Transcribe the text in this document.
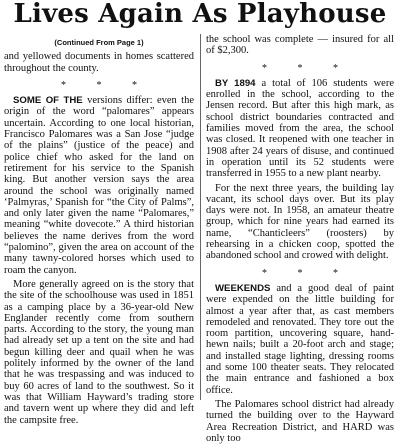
Lives Again As Playhouse
(Continued From Page 1)

and yellowed documents in homes scattered throughout the county.

* * *

SOME OF THE versions differ: even the origin of the word “palomares” appears uncertain. According to one local historian, Francisco Palomares was a San Jose “judge of the plains” (justice of the peace) and police chief who asked for the land on retirement for his service to the Spanish king. But another version says the area around the school was originally named ‘Palmyras,’ Spanish for “the City of Palms”, and only later given the name “Palomares,” meaning “white dovecote.” A third historian believes the name derives from the word “palomino”, given the area on account of the many tawny-colored horses which used to roam the canyon.

More generally agreed on is the story that the site of the schoolhouse was used in 1851 as a camping place by a 36-year-old New Englander recently come from southern parts. According to the story, the young man had already set up a tent on the site and had begun killing deer and quail when he was politely informed by the owner of the land that he was trespassing and was induced to buy 60 acres of land to the southwest. So it was that William Hayward’s trading store and tavern went up where they did and left the campsite free.

the school was complete — insured for all of $2,300.

* * *

BY 1894 a total of 106 students were enrolled in the school, according to the Jensen record. But after this high mark, as school district boundaries contracted and families moved from the area, the school was closed. It reopened with one teacher in 1908 after 24 years of disuse, and continued in operation until its 52 students were transferred in 1955 to a new plant nearby.

For the next three years, the building lay vacant, its school days over. But its play days were not. In 1958, an amateur theatre group, which for nine years had earned its name, “Chanticleers” (roosters) by rehearsing in a chicken coop, spotted the abandoned school and crowed with delight.

* * *

WEEKENDS and a good deal of paint were expended on the little building for almost a year after that, as cast members remodeled and renovated. They tore out the room partition, uncovering square, hand-hewn nails; built a 20-foot arch and stage; and installed stage lighting, dressing rooms and some 100 theater seats. They relocated the main entrance and fashioned a box office.

The Palomares school district had already turned the building over to the Hayward Area Recreation District, and HARD was only too
